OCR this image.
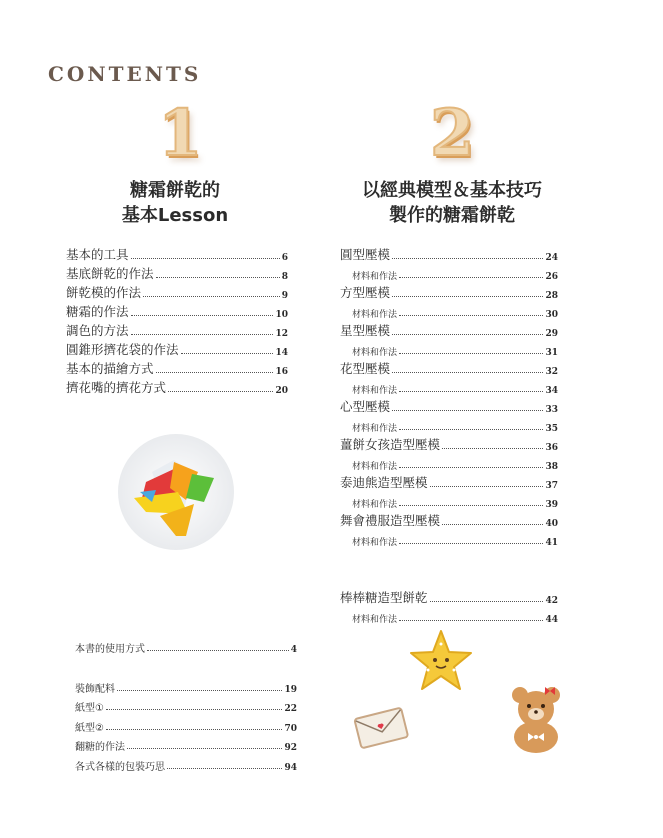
CONTENTS
1	2
糖霜餅乾的
基本Lesson
以經典模型＆基本技巧
製作的糖霜餅乾
基本的工具	6
基底餅乾的作法	8
餅乾模的作法	9
糖霜的作法	10
調色的方法	12
圓錐形擠花袋的作法	14
基本的描繪方式	16
擠花嘴的擠花方式	20
圓型壓模	24
材料和作法	26
方型壓模	28
材料和作法	30
星型壓模	29
材料和作法	31
花型壓模	32
材料和作法	34
心型壓模	33
材料和作法	35
薑餅女孩造型壓模	36
材料和作法	38
泰迪熊造型壓模	37
材料和作法	39
舞會禮服造型壓模	40
材料和作法	41
棒棒糖造型餅乾	42
材料和作法	44
本書的使用方式	4
裝飾配料	19
紙型①	22
紙型②	70
翻糖的作法	92
各式各樣的包裝巧思	94
